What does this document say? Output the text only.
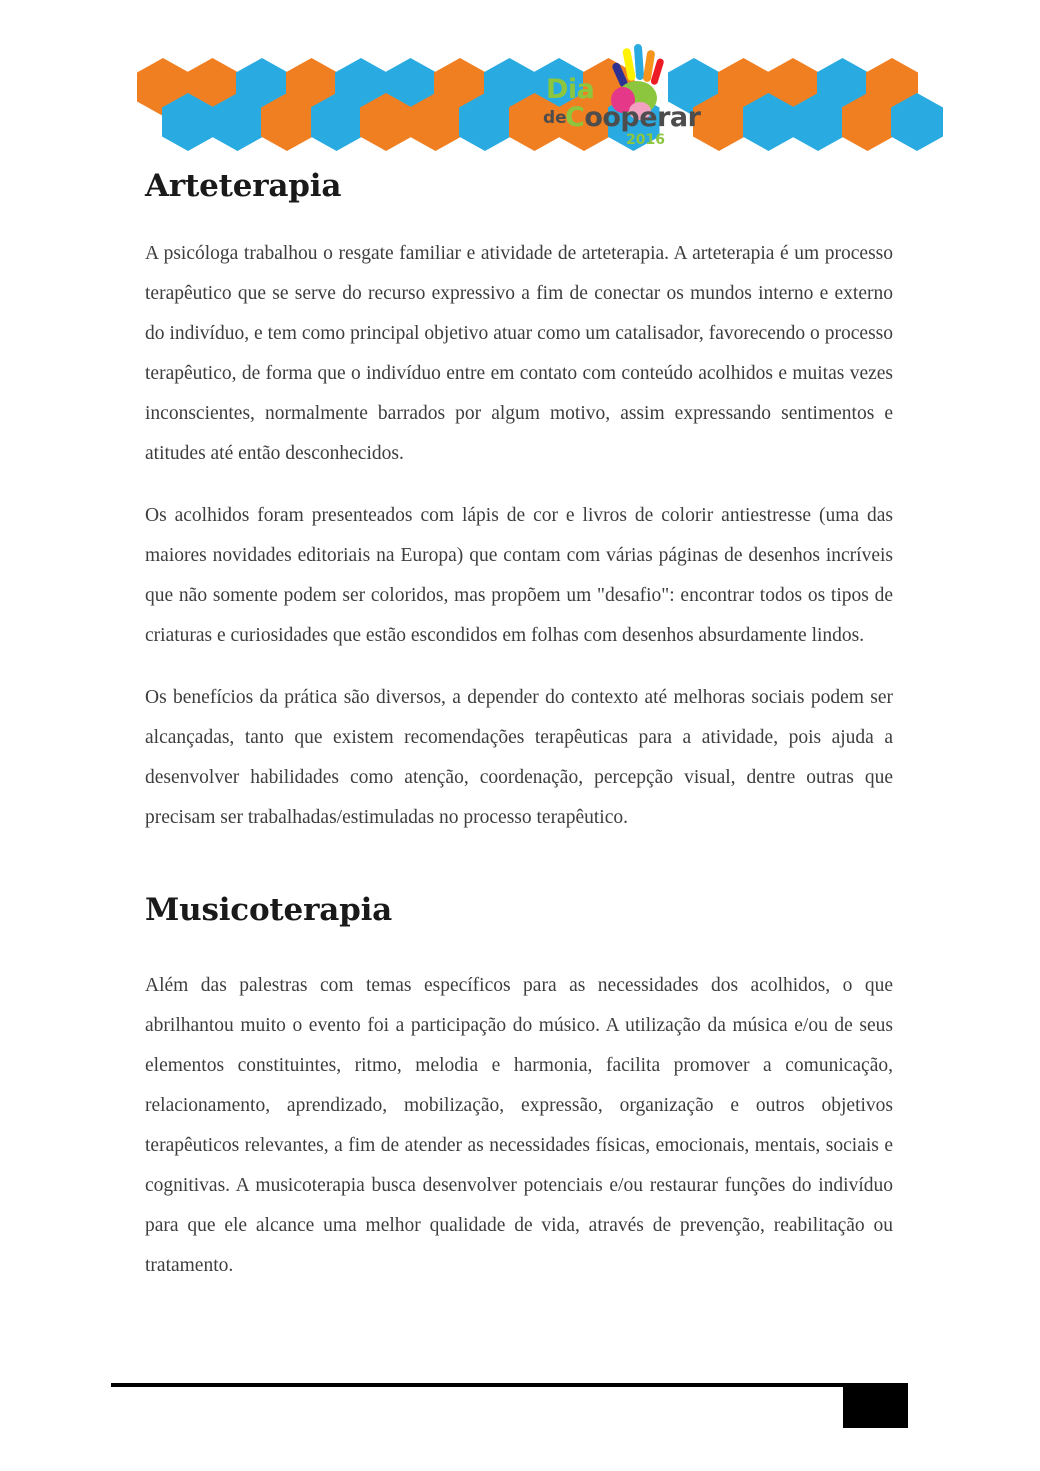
Dia
de
Cooperar
2016
Arteterapia

A psicóloga trabalhou o resgate familiar e atividade de arteterapia. A arteterapia é um processo terapêutico que se serve do recurso expressivo a fim de conectar os mundos interno e externo do indivíduo, e tem como principal objetivo atuar como um catalisador, favorecendo o processo terapêutico, de forma que o indivíduo entre em contato com conteúdo acolhidos e muitas vezes inconscientes, normalmente barrados por algum motivo, assim expressando sentimentos e atitudes até então desconhecidos.

Os acolhidos foram presenteados com lápis de cor e livros de colorir antiestresse (uma das maiores novidades editoriais na Europa) que contam com várias páginas de desenhos incríveis que não somente podem ser coloridos, mas propõem um "desafio": encontrar todos os tipos de criaturas e curiosidades que estão escondidos em folhas com desenhos absurdamente lindos.

Os benefícios da prática são diversos, a depender do contexto até melhoras sociais podem ser alcançadas, tanto que existem recomendações terapêuticas para a atividade, pois ajuda a desenvolver habilidades como atenção, coordenação, percepção visual, dentre outras que precisam ser trabalhadas/estimuladas no processo terapêutico.

Musicoterapia

Além das palestras com temas específicos para as necessidades dos acolhidos, o que abrilhantou muito o evento foi a participação do músico. A utilização da música e/ou de seus elementos constituintes, ritmo, melodia e harmonia, facilita promover a comunicação, relacionamento, aprendizado, mobilização, expressão, organização e outros objetivos terapêuticos relevantes, a fim de atender as necessidades físicas, emocionais, mentais, sociais e cognitivas. A musicoterapia busca desenvolver potenciais e/ou restaurar funções do indivíduo para que ele alcance uma melhor qualidade de vida, através de prevenção, reabilitação ou tratamento.
